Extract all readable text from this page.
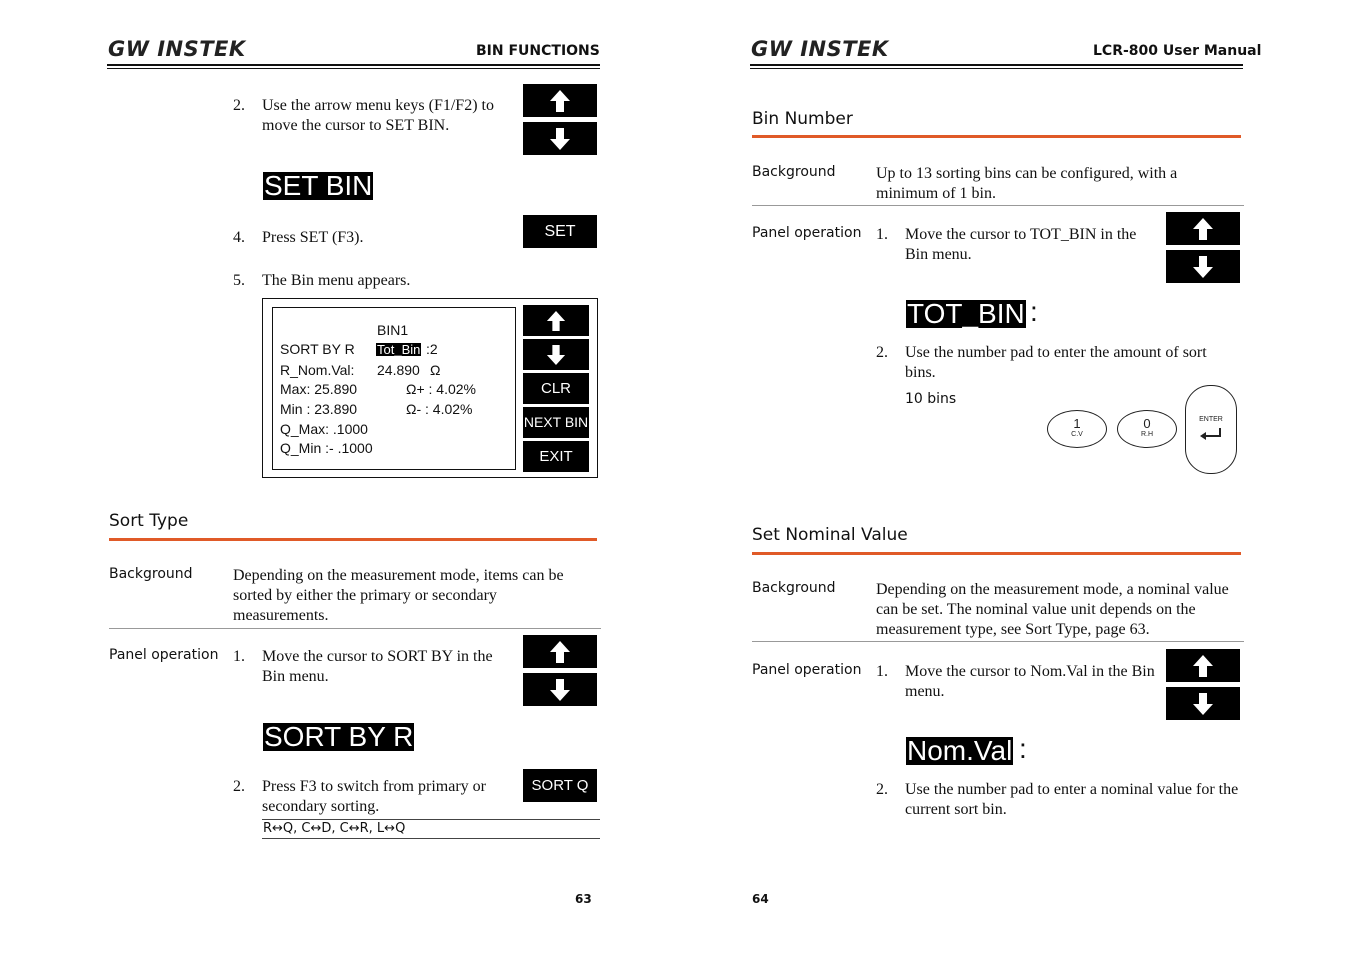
GW INSTEK	BIN FUNCTIONS
2. Use the arrow menu keys (F1/F2) to move the cursor to SET BIN.
SET BIN
4. Press SET (F3).	SET
5. The Bin menu appears.
BIN1
SORT BY R Tot_Bin :2
R_Nom.Val: 24.890 Ω
Max: 25.890	Ω+ : 4.02%
Min : 23.890	Ω- : 4.02%
Q_Max: .1000
Q_Min :- .1000
CLR
NEXT BIN
EXIT
Sort Type
Background	Depending on the measurement mode, items can be sorted by either the primary or secondary measurements.
Panel operation 1. Move the cursor to SORT BY in the Bin menu.
SORT BY R
2. Press F3 to switch from primary or secondary sorting.
SORT Q
R↔Q, C↔D, C↔R, L↔Q
63
GW INSTEK	LCR-800 User Manual
Bin Number
Background	Up to 13 sorting bins can be configured, with a minimum of 1 bin.
Panel operation 1. Move the cursor to TOT_BIN in the Bin menu.
TOT_BIN :
2. Use the number pad to enter the amount of sort bins.
10 bins
1
C.V
0
R.H
ENTER
Set Nominal Value
Background	Depending on the measurement mode, a nominal value can be set. The nominal value unit depends on the measurement type, see Sort Type, page 63.
Panel operation 1. Move the cursor to Nom.Val in the Bin menu.
Nom.Val :
2. Use the number pad to enter a nominal value for the current sort bin.
64
